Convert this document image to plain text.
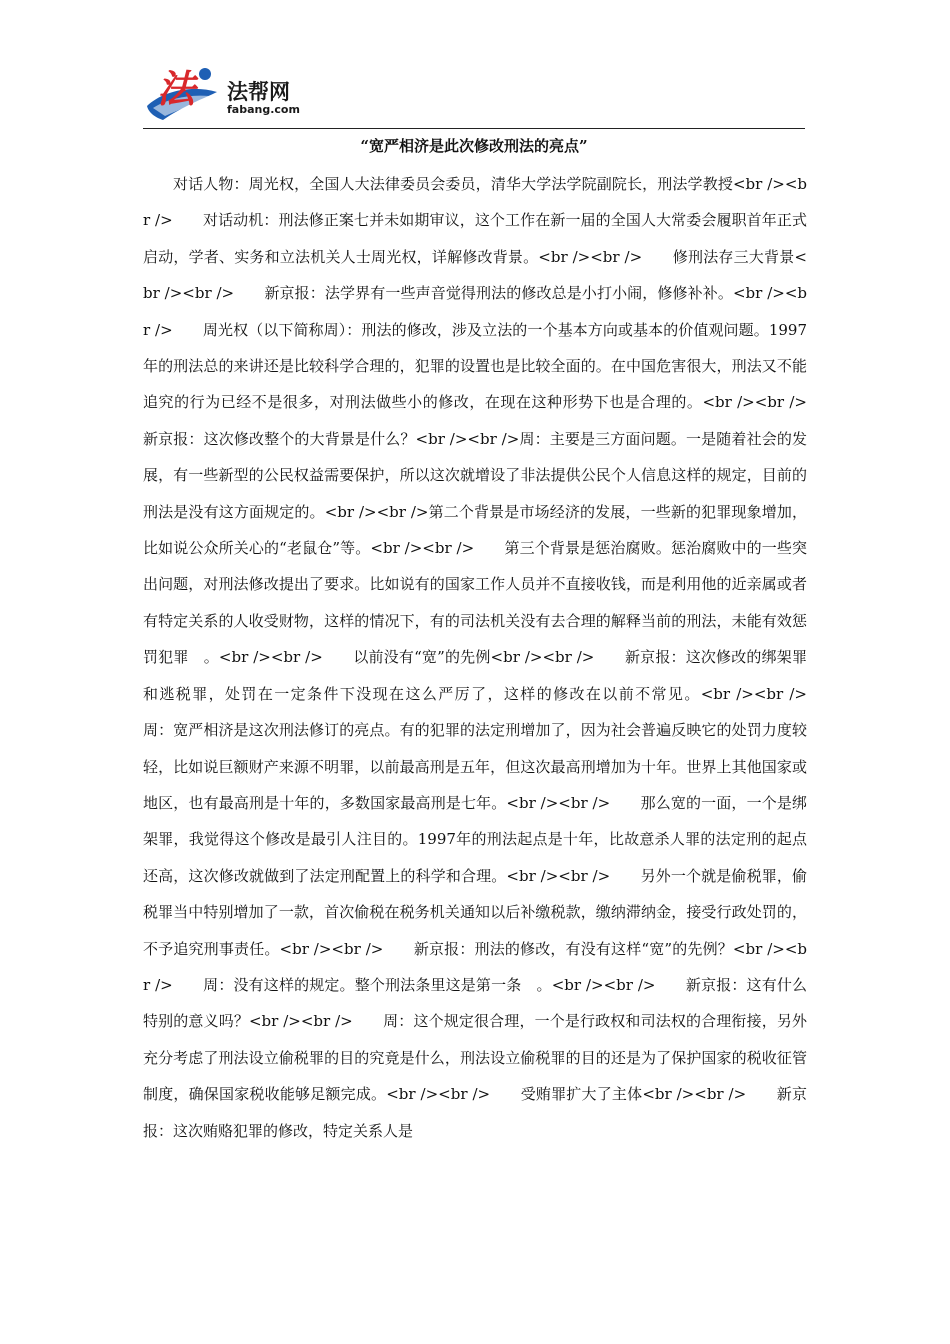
法 法帮网
fabang.com
“宽严相济是此次修改刑法的亮点”

对话人物：周光权，全国人大法律委员会委员，清华大学法学院副院长，刑法学教授<br /><br />　　对话动机：刑法修正案七并未如期审议，这个工作在新一届的全国人大常委会履职首年正式启动，学者、实务和立法机关人士周光权，详解修改背景。<br /><br />　　修刑法存三大背景<br /><br />　　新京报：法学界有一些声音觉得刑法的修改总是小打小闹，修修补补。<br /><br />　　周光权（以下简称周）：刑法的修改，涉及立法的一个基本方向或基本的价值观问题。1997年的刑法总的来讲还是比较科学合理的，犯罪的设置也是比较全面的。在中国危害很大，刑法又不能追究的行为已经不是很多，对刑法做些小的修改，在现在这种形势下也是合理的。<br /><br />　　新京报：这次修改整个的大背景是什么？<br /><br />周：主要是三方面问题。一是随着社会的发展，有一些新型的公民权益需要保护，所以这次就增设了非法提供公民个人信息这样的规定，目前的刑法是没有这方面规定的。<br /><br />第二个背景是市场经济的发展，一些新的犯罪现象增加，比如说公众所关心的“老鼠仓”等。<br /><br />　　第三个背景是惩治腐败。惩治腐败中的一些突出问题，对刑法修改提出了要求。比如说有的国家工作人员并不直接收钱，而是利用他的近亲属或者有特定关系的人收受财物，这样的情况下，有的司法机关没有去合理的解释当前的刑法，未能有效惩罚犯罪　。<br /><br />　　以前没有“宽”的先例<br /><br />　　新京报：这次修改的绑架罪和逃税罪，处罚在一定条件下没现在这么严厉了，这样的修改在以前不常见。<br /><br />　　周：宽严相济是这次刑法修订的亮点。有的犯罪的法定刑增加了，因为社会普遍反映它的处罚力度较轻，比如说巨额财产来源不明罪，以前最高刑是五年，但这次最高刑增加为十年。世界上其他国家或地区，也有最高刑是十年的，多数国家最高刑是七年。<br /><br />　　那么宽的一面，一个是绑架罪，我觉得这个修改是最引人注目的。1997年的刑法起点是十年，比故意杀人罪的法定刑的起点还高，这次修改就做到了法定刑配置上的科学和合理。<br /><br />　　另外一个就是偷税罪，偷税罪当中特别增加了一款，首次偷税在税务机关通知以后补缴税款，缴纳滞纳金，接受行政处罚的，不予追究刑事责任。<br /><br />　　新京报：刑法的修改，有没有这样“宽”的先例？<br /><br />　　周：没有这样的规定。整个刑法条里这是第一条　。<br /><br />　　新京报：这有什么特别的意义吗？<br /><br />　　周：这个规定很合理，一个是行政权和司法权的合理衔接，另外充分考虑了刑法设立偷税罪的目的究竟是什么，刑法设立偷税罪的目的还是为了保护国家的税收征管制度，确保国家税收能够足额完成。<br /><br />　　受贿罪扩大了主体<br /><br />　　新京报：这次贿赂犯罪的修改，特定关系人是
